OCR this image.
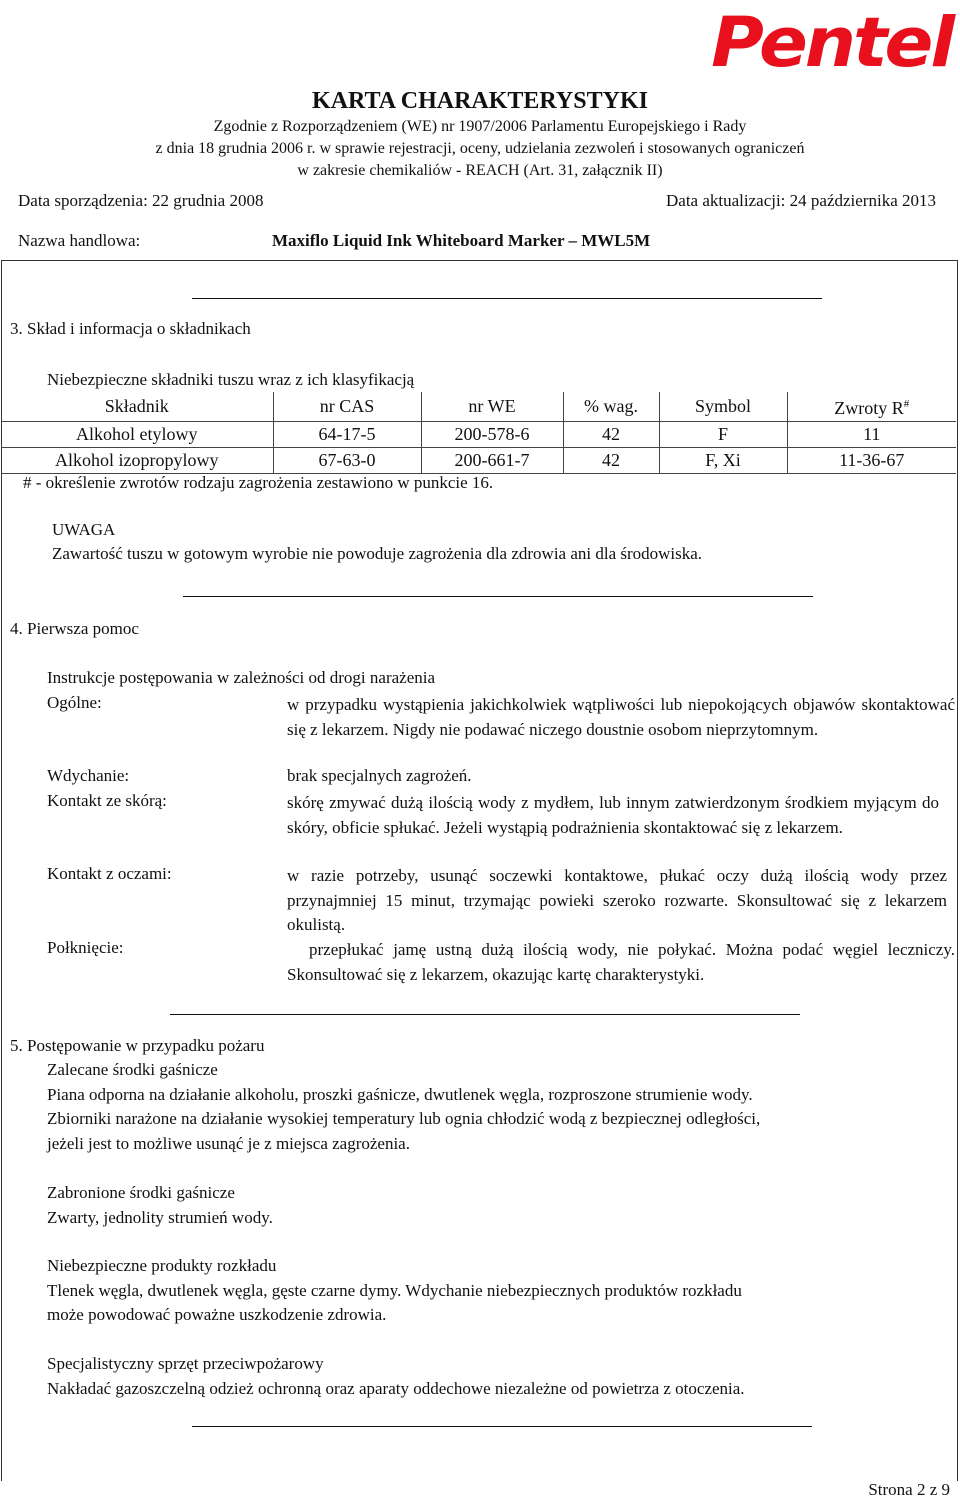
Pentel
KARTA CHARAKTERYSTYKI
Zgodnie z Rozporządzeniem (WE) nr 1907/2006 Parlamentu Europejskiego i Rady
z dnia 18 grudnia 2006 r. w sprawie rejestracji, oceny, udzielania zezwoleń i stosowanych ograniczeń
w zakresie chemikaliów - REACH (Art. 31, załącznik II)
Data sporządzenia: 22 grudnia 2008	Data aktualizacji: 24 października 2013
Nazwa handlowa:	Maxiflo Liquid Ink Whiteboard Marker – MWL5M
3. Skład i informacja o składnikach
Niebezpieczne składniki tuszu wraz z ich klasyfikacją
Składnik	nr CAS	nr WE	% wag.	Symbol	Zwroty R#
Alkohol etylowy	64-17-5	200-578-6	42	F	11
Alkohol izopropylowy	67-63-0	200-661-7	42	F, Xi	11-36-67
# - określenie zwrotów rodzaju zagrożenia zestawiono w punkcie 16.
UWAGA
Zawartość tuszu w gotowym wyrobie nie powoduje zagrożenia dla zdrowia ani dla środowiska.
4. Pierwsza pomoc
Instrukcje postępowania w zależności od drogi narażenia
Ogólne:	w przypadku wystąpienia jakichkolwiek wątpliwości lub niepokojących objawów skontaktować się z lekarzem. Nigdy nie podawać niczego doustnie osobom nieprzytomnym.
Wdychanie:	brak specjalnych zagrożeń.
Kontakt ze skórą:	skórę zmywać dużą ilością wody z mydłem, lub innym zatwierdzonym środkiem myjącym do skóry, obficie spłukać. Jeżeli wystąpią podrażnienia skontaktować się z lekarzem.
Kontakt z oczami:	w razie potrzeby, usunąć soczewki kontaktowe, płukać oczy dużą ilością wody przez przynajmniej 15 minut, trzymając powieki szeroko rozwarte. Skonsultować się z lekarzem okulistą.
Połknięcie:	przepłukać jamę ustną dużą ilością wody, nie połykać. Można podać węgiel leczniczy. Skonsultować się z lekarzem, okazując kartę charakterystyki.
5. Postępowanie w przypadku pożaru
Zalecane środki gaśnicze
Piana odporna na działanie alkoholu, proszki gaśnicze, dwutlenek węgla, rozproszone strumienie wody.
Zbiorniki narażone na działanie wysokiej temperatury lub ognia chłodzić wodą z bezpiecznej odległości,
jeżeli jest to możliwe usunąć je z miejsca zagrożenia.
Zabronione środki gaśnicze
Zwarty, jednolity strumień wody.
Niebezpieczne produkty rozkładu
Tlenek węgla, dwutlenek węgla, gęste czarne dymy. Wdychanie niebezpiecznych produktów rozkładu
może powodować poważne uszkodzenie zdrowia.
Specjalistyczny sprzęt przeciwpożarowy
Nakładać gazoszczelną odzież ochronną oraz aparaty oddechowe niezależne od powietrza z otoczenia.
Strona 2 z 9
